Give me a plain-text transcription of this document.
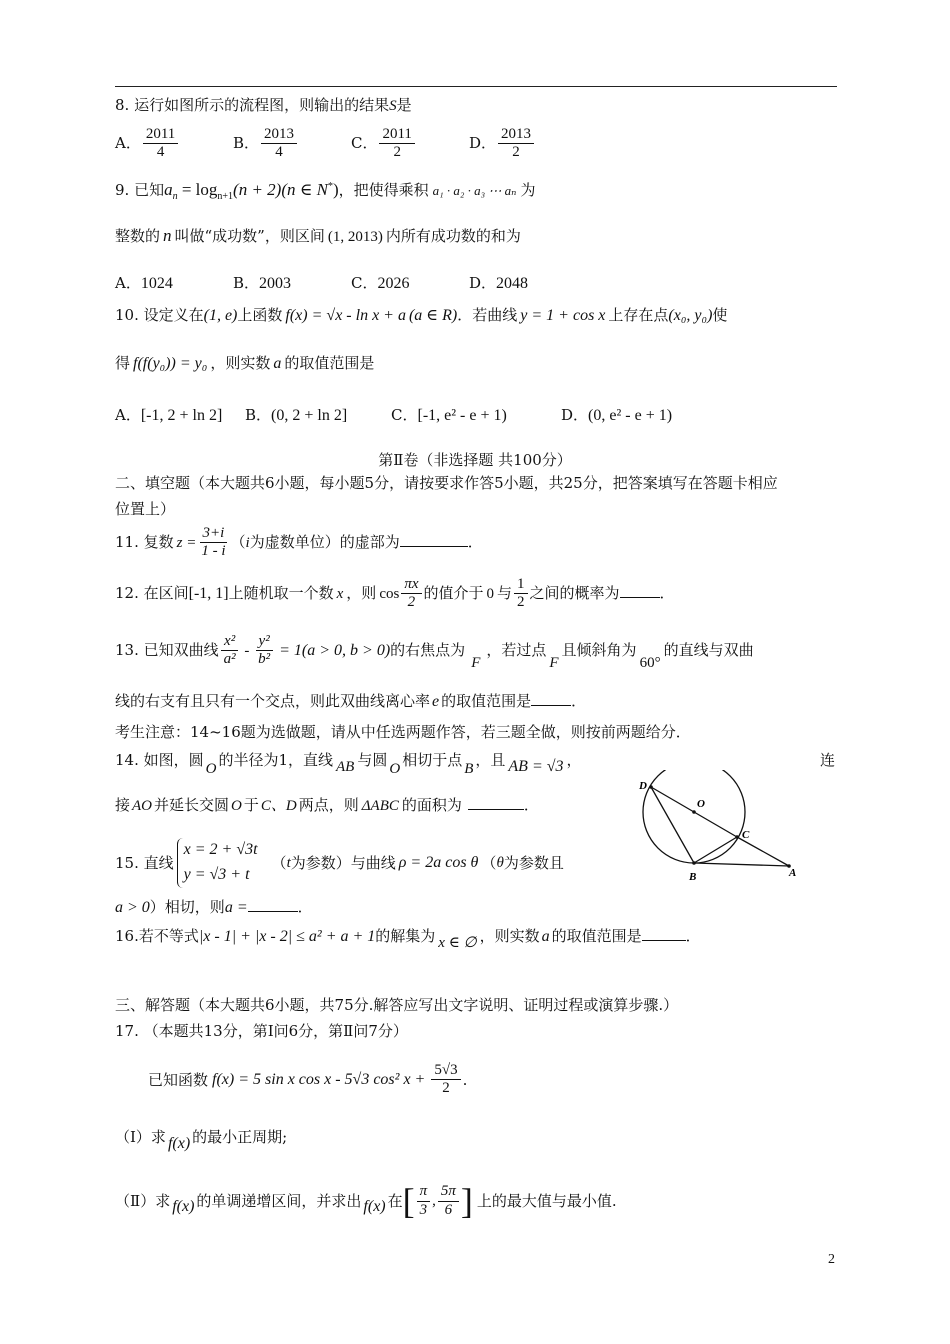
8. 运行如图所示的流程图，则输出的结果S是
A． $\frac{2011}{4}$	B． $\frac{2013}{4}$	C． $\frac{2011}{2}$	D． $\frac{2013}{2}$
9. 已知$a_n = \log_{n+1}(n + 2)(n$ ∈ N*)，把使得乘积 a₁ · a₂ · a₃ ⋯ aₙ 为
整数的 n 叫做“成功数”，则区间 (1, 2013) 内所有成功数的和为
A．1024	B．2003	C．2026	D．2048
10. 设定义在(1, e)上函数 f(x) = √x - ln x + a (a ∈ R)．若曲线 y = 1 + cos x 上存在点(x₀, y₀)使
得 f(f(y₀)) = y₀ ，则实数 a 的取值范围是
A．[-1, 2 + ln 2] B．(0, 2 + ln 2]	C．[-1, e² - e + 1)	D．(0, e² - e + 1)
第Ⅱ卷（非选择题 共100分）
二、填空题（本大题共6小题，每小题5分，请按要求作答5小题，共25分，把答案填写在答题卡相应
位置上）
11. 复数 $z = \frac{3+i}{1 - i} (i$为虚数单位）的虚部为	．
12. 在区间[-1, 1]上随机取一个数 x ，则 $\cos \frac{\pi x}{2}$ 的值介于 0 与 $\frac{1}{2}$ 之间的概率为	．
13. 已知双曲线 $\frac{\text{x²}}{\text{a²}} - \frac{\text{y²}}{\text{b²}} = 1(a > 0$, b > 0)的右焦点为F，若过点F且倾斜角为60°的直线与双曲
线的右支有且只有一个交点，则此双曲线离心率 e 的取值范围是	．
考生注意：14~16题为选做题，请从中任选两题作答，若三题全做，则按前两题给分．
14. 如图，圆 O 的半径为1，直线 AB 与圆 O 相切于点 B ，且 AB = √3 ，	连
接 AO 并延长交圆 O 于 C、D 两点，则 ΔABC 的面积为	．
D
O
C
B	A
15. 直线x = 2 + √3t
y = √3 + t（t为参数）与曲线 ρ = 2a cos θ （θ为参数且
a > 0）相切，则a =	．
16.若不等式|x - 1| + |x - 2| ≤ a² + a + 1的解集为 x ∈ ∅ ，则实数 a 的取值范围是	．
三、解答题（本大题共6小题，共75分.解答应写出文字说明、证明过程或演算步骤.）
17. （本题共13分，第Ⅰ问6分，第Ⅱ问7分）
已知函数 f(x) = 5 sin x cos x - 5√3 cos² $x + \frac{5√3}{2}$ .
（Ⅰ）求 f(x) 的最小正周期;
（Ⅱ）求 f(x) 的单调递增区间，并求出 f(x) 在[ $\frac{\pi}{3}$ , $\frac{5\pi}{6}$ ] 上的最大值与最小值.
2
